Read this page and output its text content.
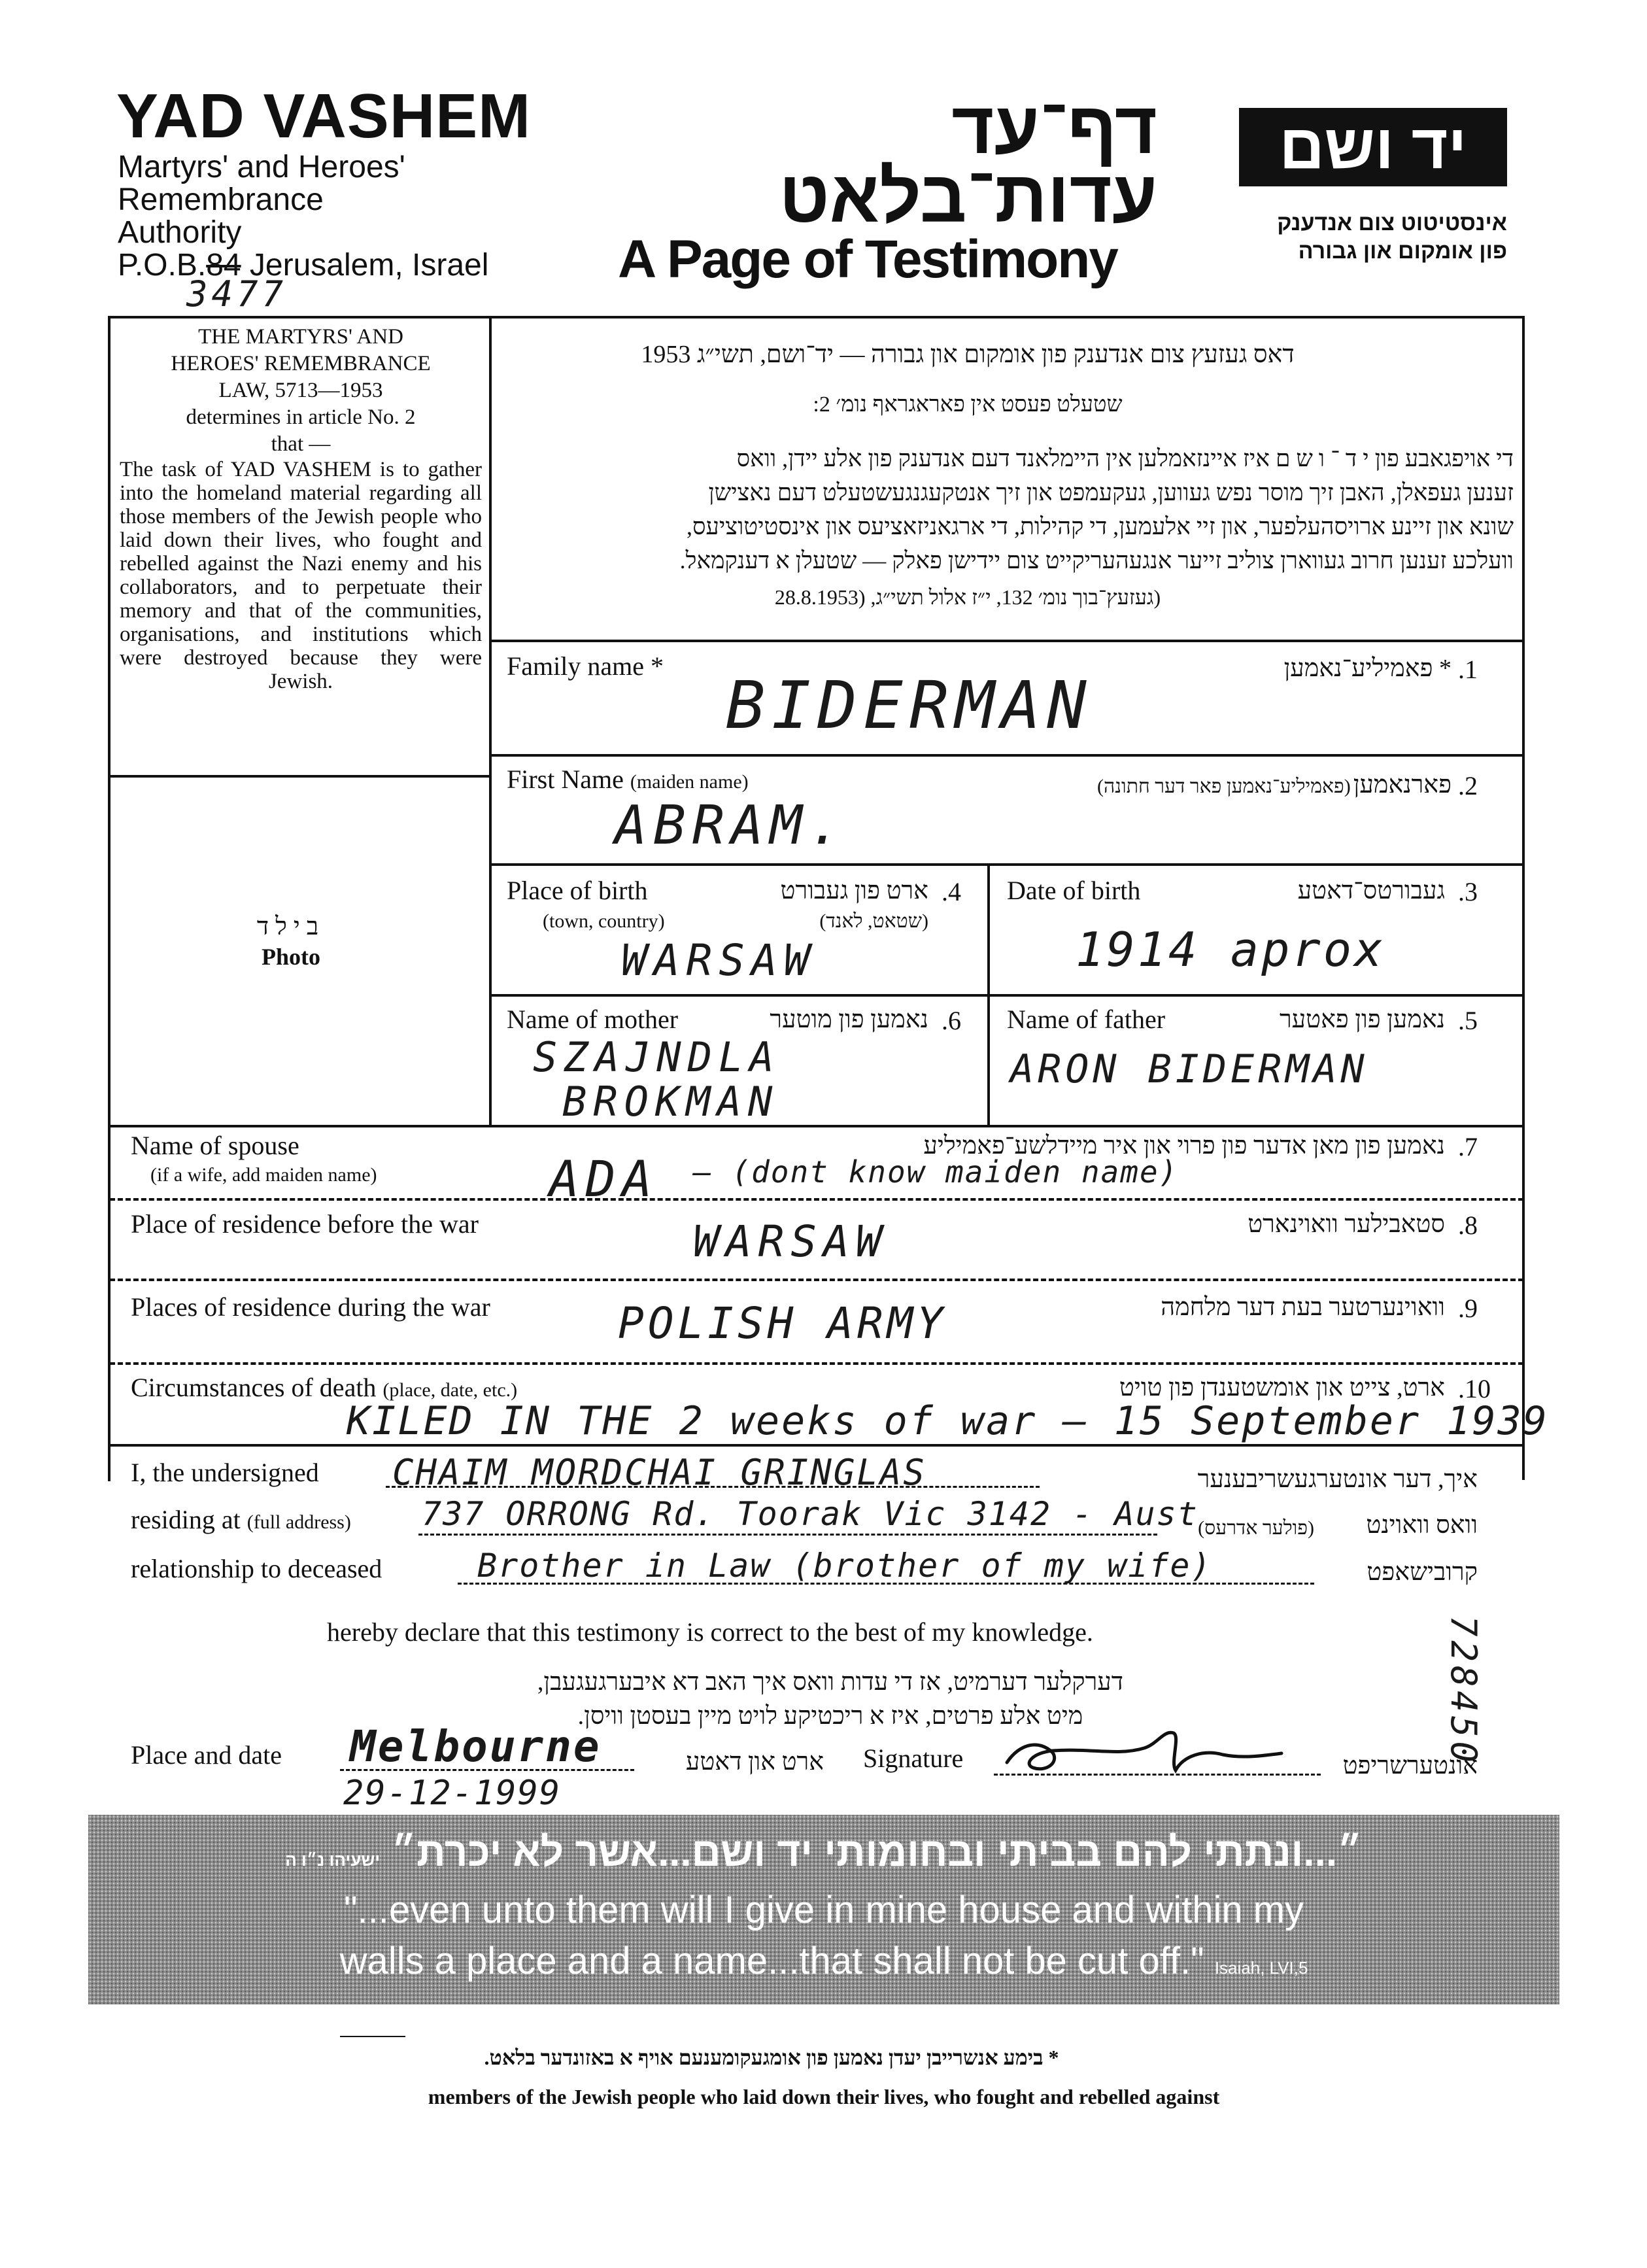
YAD VASHEM
Martyrs' and Heroes'
Remembrance
Authority
P.O.B.84 Jerusalem, Israel
3477
דף־עד
עדות־בלאט
A Page of Testimony
יד ושם
אינסטיטוט צום אנדענק
פון אומקום און גבורה
THE MARTYRS' AND
HEROES' REMEMBRANCE
LAW, 5713—1953
determines in article No. 2
that —
The task of YAD VASHEM is to gather into the homeland material regarding all those members of the Jewish people who laid down their lives, who fought and rebelled against the Nazi enemy and his collaborators, and to perpetuate their memory and that of the communities, organisations, and institutions which were destroyed because they were Jewish.
בילד
Photo
דאס געזעץ צום אנדענק פון אומקום און גבורה — יד־ושם, תשי״ג 1953
שטעלט פעסט אין פאראגראף נומ׳ 2:
די אויפגאבע פון י ד ־ ו ש ם איז איינזאמלען אין היימלאנד דעם אנדענק פון אלע יידן, וואס
זענען געפאלן, האבן זיך מוסר נפש געווען, געקעמפט און זיך אנטקעגנגעשטעלט דעם נאצישן
שונא און זיינע ארויסהעלפער, און זיי אלעמען, די קהילות, די ארגאניזאציעס און אינסטיטוציעס,
וועלכע זענען חרוב געווארן צוליב זייער אנגעהעריקייט צום יידישן פאלק — שטעלן א דענקמאל.
(געזעץ־בוך נומ׳ 132, י״ז אלול תשי״ג, (28.8.1953
Family name *	* פאמיליע־נאמען .1
BIDERMAN
First Name (maiden name)	פארנאמען (פאמיליע־נאמען פאר דער חתונה)	.2
ABRAM.
Place of birth
(town, country)
ארט פון געבורט
(שטאט, לאנד)
.4
WARSAW
Date of birth	געבורטס־דאטע .3
1914 aprox
Name of mother	נאמען פון מוטער .6
SZAJNDLA
BROKMAN
Name of father	נאמען פון פאטער .5
ARON BIDERMAN
Name of spouse
(if a wife, add maiden name)
נאמען פון מאן אדער פון פרוי און איר מיידלשע־פאמיליע .7
ADA — (dont know maiden name)
Place of residence before the war	סטאבילער וואוינארט .8
WARSAW
Places of residence during the war	וואוינערטער בעת דער מלחמה .9
POLISH ARMY
Circumstances of death (place, date, etc.)	ארט, צייט און אומשטענדן פון טויט .10
KILED IN THE 2 weeks of war — 15 September 1939
I, the undersigned CHAIM MORDCHAI GRINGLAS	איך, דער אונטערגעשריבענער
residing at (full address) 737 ORRONG Rd. Toorak Vic 3142 - Aust (פולער אדרעס)	וואס וואוינט
relationship to deceased	Brother in Law (brother of my wife)	קרובישאפט
hereby declare that this testimony is correct to the best of my knowledge.
דערקלער דערמיט, אז די עדות וואס איך האב דא איבערגעגעבן,
מיט אלע פרטים, איז א ריכטיקע לויט מיין בעסטן וויסן.
Place and date Melbourne
29-12-1999
ארט און דאטע Signature	אונטערשריפט
728450
״...ונתתי להם בביתי ובחומותי יד ושם...אשר לא יכרת״ ישעיהו נ״ו ה
"...even unto them will I give in mine house and within my
walls a place and a name...that shall not be cut off." Isaiah, LVI,5
* בימע אנשרייבן יעדן נאמען פון אומגעקומענעם אויף א באזונדער בלאט.
members of the Jewish people who laid down their lives, who fought and rebelled against
